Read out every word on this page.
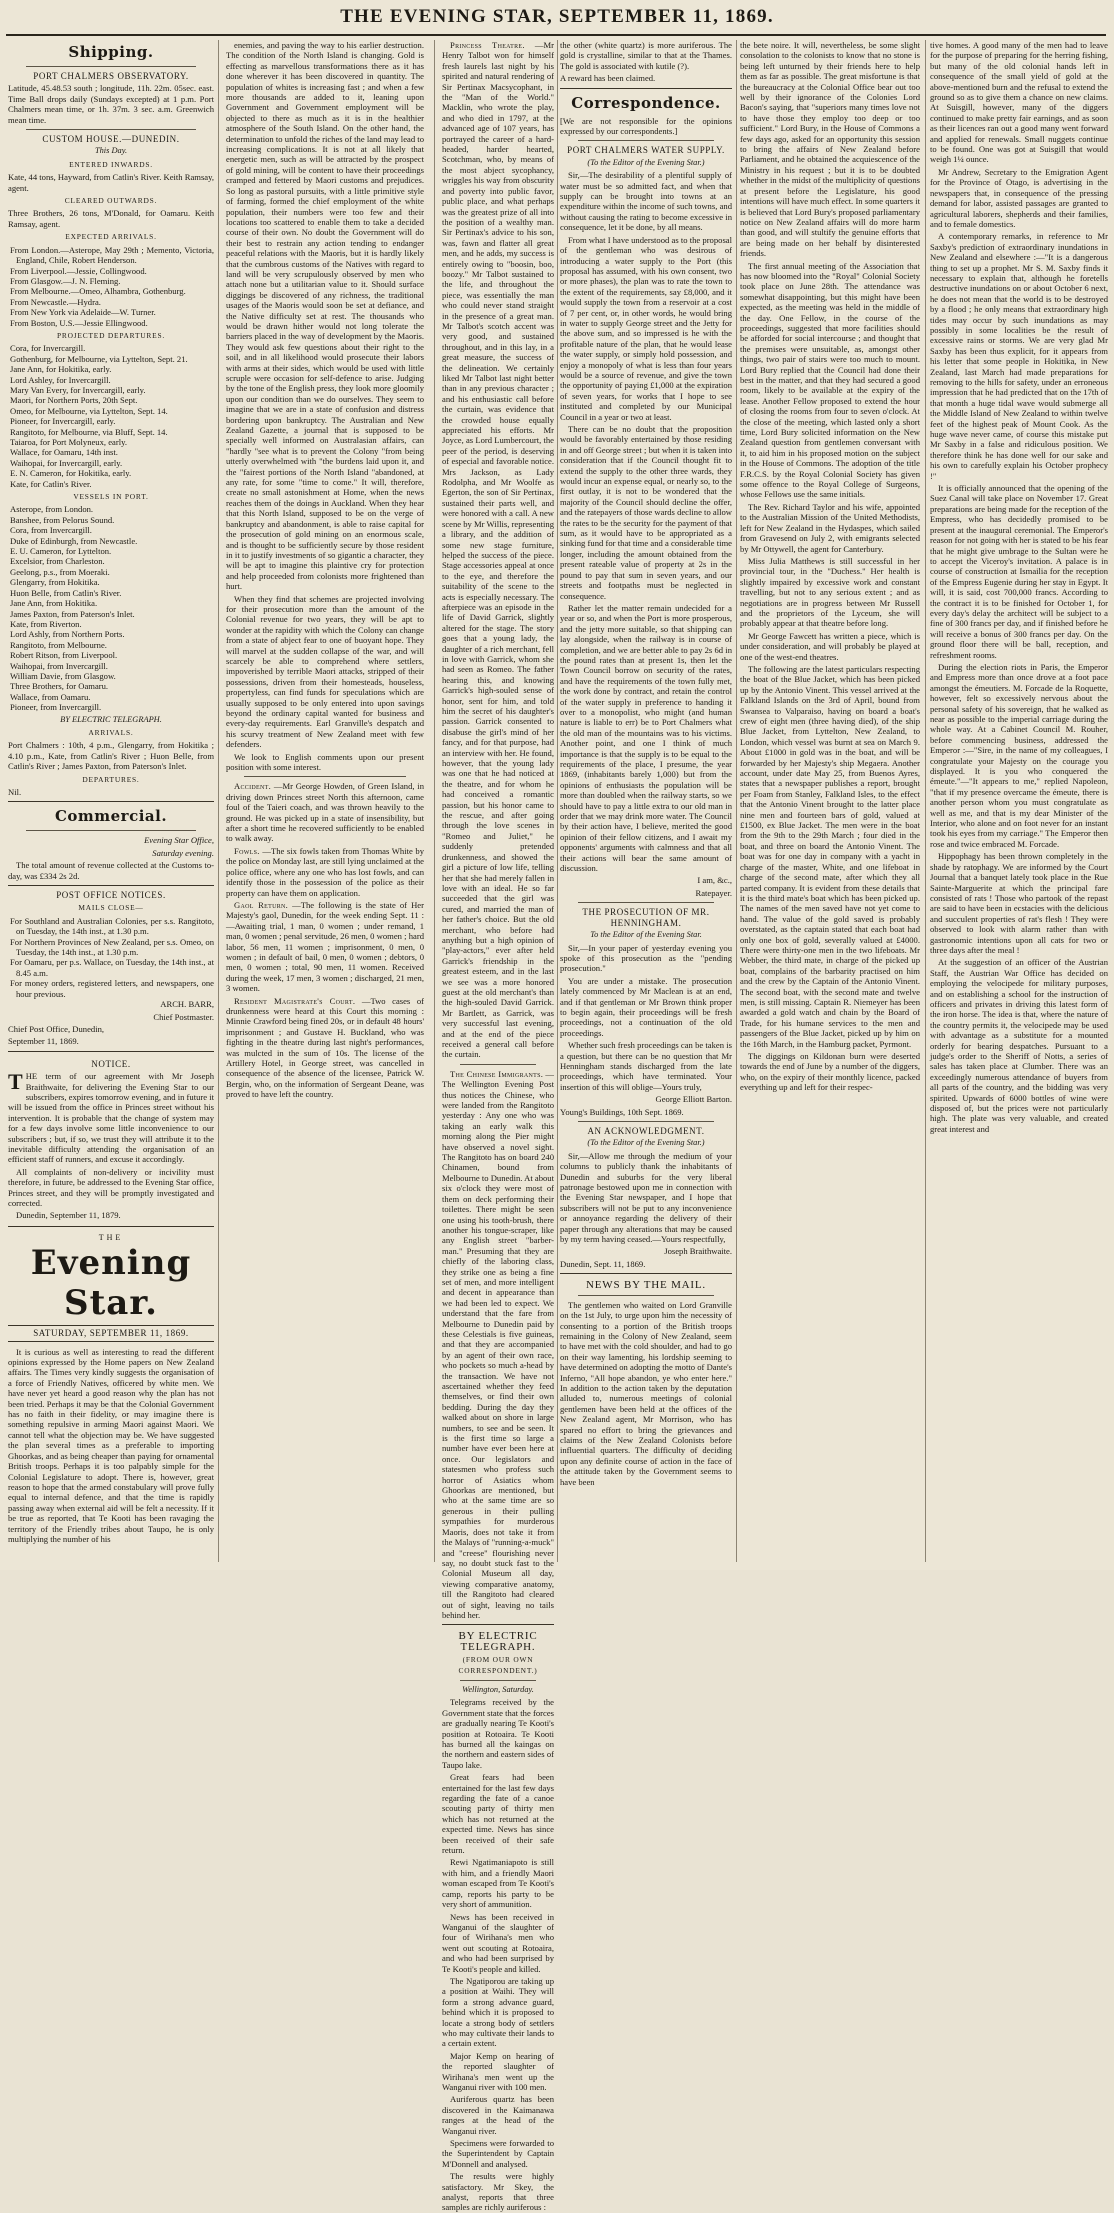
THE EVENING STAR, SEPTEMBER 11, 1869.
Shipping.
PORT CHALMERS OBSERVATORY.

Latitude, 45.48.53 south ; longitude, 11h. 22m. 05sec. east. Time Ball drops daily (Sundays excepted) at 1 p.m. Port Chalmers mean time, or 1h. 37m. 3 sec. a.m. Greenwich mean time.

CUSTOM HOUSE.—DUNEDIN.
This Day.
ENTERED INWARDS.

Kate, 44 tons, Hayward, from Catlin's River. Keith Ramsay, agent.

CLEARED OUTWARDS.

Three Brothers, 26 tons, M'Donald, for Oamaru. Keith Ramsay, agent.

EXPECTED ARRIVALS.
From London.—Asterope, May 29th ; Memento, Victoria, England, Chile, Robert Henderson.
From Liverpool.—Jessie, Collingwood.
From Glasgow.—J. N. Fleming.
From Melbourne.—Omeo, Alhambra, Gothenburg.
From Newcastle.—Hydra.
From New York via Adelaide—W. Turner.
From Boston, U.S.—Jessie Ellingwood.
PROJECTED DEPARTURES.
Cora, for Invercargill.
Gothenburg, for Melbourne, via Lyttelton, Sept. 21.
Jane Ann, for Hokitika, early.
Lord Ashley, for Invercargill.
Mary Van Every, for Invercargill, early.
Maori, for Northern Ports, 20th Sept.
Omeo, for Melbourne, via Lyttelton, Sept. 14.
Pioneer, for Invercargill, early.
Rangitoto, for Melbourne, via Bluff, Sept. 14.
Taiaroa, for Port Molyneux, early.
Wallace, for Oamaru, 14th inst.
Waihopai, for Invercargill, early.
E. N. Cameron, for Hokitika, early.
Kate, for Catlin's River.
VESSELS IN PORT.
Asterope, from London.
Banshee, from Pelorus Sound.
Cora, from Invercargill.
Duke of Edinburgh, from Newcastle.
E. U. Cameron, for Lyttelton.
Excelsior, from Charleston.
Geelong, p.s., from Moeraki.
Glengarry, from Hokitika.
Huon Belle, from Catlin's River.
Jane Ann, from Hokitika.
James Paxton, from Paterson's Inlet.
Kate, from Riverton.
Lord Ashly, from Northern Ports.
Rangitoto, from Melbourne.
Robert Ritson, from Liverpool.
Waihopai, from Invercargill.
William Davie, from Glasgow.
Three Brothers, for Oamaru.
Wallace, from Oamaru.
Pioneer, from Invercargill.
BY ELECTRIC TELEGRAPH.
ARRIVALS.

Port Chalmers : 10th, 4 p.m., Glengarry, from Hokitika ; 4.10 p.m., Kate, from Catlin's River ; Huon Belle, from Catlin's River ; James Paxton, from Paterson's Inlet.

DEPARTURES.

Nil.

Commercial.

Evening Star Office,

Saturday evening.

The total amount of revenue collected at the Customs to-day, was £334 2s 2d.

POST OFFICE NOTICES.
MAILS CLOSE—
For Southland and Australian Colonies, per s.s. Rangitoto, on Tuesday, the 14th inst., at 1.30 p.m.
For Northern Provinces of New Zealand, per s.s. Omeo, on Tuesday, the 14th inst., at 1.30 p.m.
For Oamaru, per p.s. Wallace, on Tuesday, the 14th inst., at 8.45 a.m.
For money orders, registered letters, and newspapers, one hour previous.

ARCH. BARR,

Chief Postmaster.

Chief Post Office, Dunedin,

September 11, 1869.

NOTICE.

THE term of our agreement with Mr Joseph Braithwaite, for delivering the Evening Star to our subscribers, expires tomorrow evening, and in future it will be issued from the office in Princes street without his intervention. It is probable that the change of system may for a few days involve some little inconvenience to our subscribers ; but, if so, we trust they will attribute it to the inevitable difficulty attending the organisation of an efficient staff of runners, and excuse it accordingly.

All complaints of non-delivery or incivility must therefore, in future, be addressed to the Evening Star office, Princes street, and they will be promptly investigated and corrected.

Dunedin, September 11, 1879.

THE
Evening Star.
SATURDAY, SEPTEMBER 11, 1869.

It is curious as well as interesting to read the different opinions expressed by the Home papers on New Zealand affairs. The Times very kindly suggests the organisation of a force of Friendly Natives, officered by white men. We have never yet heard a good reason why the plan has not been tried. Perhaps it may be that the Colonial Government has no faith in their fidelity, or may imagine there is something repulsive in arming Maori against Maori. We cannot tell what the objection may be. We have suggested the plan several times as a preferable to importing Ghoorkas, and as being cheaper than paying for ornamental British troops. Perhaps it is too palpably simple for the Colonial Legislature to adopt. There is, however, great reason to hope that the armed constabulary will prove fully equal to internal defence, and that the time is rapidly passing away when external aid will be felt a necessity. If it be true as reported, that Te Kooti has been ravaging the territory of the Friendly tribes about Taupo, he is only multiplying the number of his

enemies, and paving the way to his earlier destruction. The condition of the North Island is changing. Gold is effecting as marvellous transformations there as it has done wherever it has been discovered in quantity. The population of whites is increasing fast ; and when a few more thousands are added to it, leaning upon Government and Government employment will be objected to there as much as it is in the healthier atmosphere of the South Island. On the other hand, the determination to unfold the riches of the land may lead to increasing complications. It is not at all likely that energetic men, such as will be attracted by the prospect of gold mining, will be content to have their proceedings cramped and fettered by Maori customs and prejudices. So long as pastoral pursuits, with a little primitive style of farming, formed the chief employment of the white population, their numbers were too few and their locations too scattered to enable them to take a decided course of their own. No doubt the Government will do their best to restrain any action tending to endanger peaceful relations with the Maoris, but it is hardly likely that the cumbrous customs of the Natives with regard to land will be very scrupulously observed by men who attach none but a utilitarian value to it. Should surface diggings be discovered of any richness, the traditional usages of the Maoris would soon be set at defiance, and the Native difficulty set at rest. The thousands who would be drawn hither would not long tolerate the barriers placed in the way of development by the Maoris. They would ask few questions about their right to the soil, and in all likelihood would prosecute their labors with arms at their sides, which would be used with little scruple were occasion for self-defence to arise. Judging by the tone of the English press, they look more gloomily upon our condition than we do ourselves. They seem to imagine that we are in a state of confusion and distress bordering upon bankruptcy. The Australian and New Zealand Gazette, a journal that is supposed to be specially well informed on Australasian affairs, can "hardly "see what is to prevent the Colony "from being utterly overwhelmed with "the burdens laid upon it, and the "fairest portions of the North Island "abandoned, at any rate, for some "time to come." It will, therefore, create no small astonishment at Home, when the news reaches them of the doings in Auckland. When they hear that this North Island, supposed to be on the verge of bankruptcy and abandonment, is able to raise capital for the prosecution of gold mining on an enormous scale, and is thought to be sufficiently secure by those resident in it to justify investments of so gigantic a character, they will be apt to imagine this plaintive cry for protection and help proceeded from colonists more frightened than hurt.

When they find that schemes are projected involving for their prosecution more than the amount of the Colonial revenue for two years, they will be apt to wonder at the rapidity with which the Colony can change from a state of abject fear to one of buoyant hope. They will marvel at the sudden collapse of the war, and will scarcely be able to comprehend where settlers, impoverished by terrible Maori attacks, stripped of their possessions, driven from their homesteads, houseless, propertyless, can find funds for speculations which are usually supposed to be only entered into upon savings beyond the ordinary capital wanted for business and every-day requirements. Earl Granville's despatch and his scurvy treatment of New Zealand meet with few defenders.

We look to English comments upon our present position with some interest.

Accident. —Mr George Howden, of Green Island, in driving down Princes street North this afternoon, came foul of the Taieri coach, and was thrown heavily to the ground. He was picked up in a state of insensibility, but after a short time he recovered sufficiently to be enabled to walk away.

Fowls. —The six fowls taken from Thomas White by the police on Monday last, are still lying unclaimed at the police office, where any one who has lost fowls, and can identify those in the possession of the police as their property can have them on application.

Gaol Return. —The following is the state of Her Majesty's gaol, Dunedin, for the week ending Sept. 11 :—Awaiting trial, 1 man, 0 women ; under remand, 1 man, 0 women ; penal servitude, 26 men, 0 women ; hard labor, 56 men, 11 women ; imprisonment, 0 men, 0 women ; in default of bail, 0 men, 0 women ; debtors, 0 men, 0 women ; total, 90 men, 11 women. Received during the week, 17 men, 3 women ; discharged, 21 men, 3 women.

Resident Magistrate's Court. —Two cases of drunkenness were heard at this Court this morning : Minnie Crawford being fined 20s, or in default 48 hours' imprisonment ; and Gustave H. Buckland, who was fighting in the theatre during last night's performances, was mulcted in the sum of 10s. The license of the Artillery Hotel, in George street, was cancelled in consequence of the absence of the licensee, Patrick W. Bergin, who, on the information of Sergeant Deane, was proved to have left the country.

Princess Theatre. —Mr Henry Talbot won for himself fresh laurels last night by his spirited and natural rendering of Sir Pertinax Macsycophant, in the "Man of the World." Macklin, who wrote the play, and who died in 1797, at the advanced age of 107 years, has portrayed the career of a hard-headed, harder hearted, Scotchman, who, by means of the most abject sycophancy, wriggles his way from obscurity and poverty into public favor, public place, and what perhaps was the greatest prize of all into the position of a wealthy man. Sir Pertinax's advice to his son, was, fawn and flatter all great men, and he adds, my success is entirely owing to "boosin, boo, boozy." Mr Talbot sustained to the life, and throughout the piece, was essentially the man who could never stand straight in the presence of a great man. Mr Talbot's scotch accent was very good, and sustained throughout, and in this lay, in a great measure, the success of the delineation. We certainly liked Mr Talbot last night better than in any previous character ; and his enthusiastic call before the curtain, was evidence that the crowded house equally appreciated his efforts. Mr Joyce, as Lord Lumbercourt, the peer of the period, is deserving of especial and favorable notice. Mrs Jackson, as Lady Rodolpha, and Mr Woolfe as Egerton, the son of Sir Pertinax, sustained their parts well, and were honored with a call. A new scene by Mr Willis, representing a library, and the addition of some new stage furniture, helped the success of the piece. Stage accessories appeal at once to the eye, and therefore the suitability of the scene to the acts is especially necessary. The afterpiece was an episode in the life of David Garrick, slightly altered for the stage. The story goes that a young lady, the daughter of a rich merchant, fell in love with Garrick, whom she had seen as Romeo. The father hearing this, and knowing Garrick's high-souled sense of honor, sent for him, and told him the secret of his daughter's passion. Garrick consented to disabuse the girl's mind of her fancy, and for that purpose, had an interview with her. He found, however, that the young lady was one that he had noticed at the theatre, and for whom he had conceived a romantic passion, but his honor came to the rescue, and after going through the love scenes in "Romeo and Juliet," he suddenly pretended drunkenness, and showed the girl a picture of low life, telling her that she had merely fallen in love with an ideal. He so far succeeded that the girl was cured, and married the man of her father's choice. But the old merchant, who before had anything but a high opinion of "play-actors," ever after held Garrick's friendship in the greatest esteem, and in the last we see was a more honored guest at the old merchant's than the high-souled David Garrick. Mr Bartlett, as Garrick, was very successful last evening, and at the end of the piece received a general call before the curtain.

The Chinese Immigrants. —The Wellington Evening Post thus notices the Chinese, who were landed from the Rangitoto yesterday : Any one who was taking an early walk this morning along the Pier might have observed a novel sight. The Rangitoto has on board 240 Chinamen, bound from Melbourne to Dunedin. At about six o'clock they were most of them on deck performing their toilettes. There might be seen one using his tooth-brush, there another his tongue-scraper, like any English street "barber-man." Presuming that they are chiefly of the laboring class, they strike one as being a fine set of men, and more intelligent and decent in appearance than we had been led to expect. We understand that the fare from Melbourne to Dunedin paid by these Celestials is five guineas, and that they are accompanied by an agent of their own race, who pockets so much a-head by the transaction. We have not ascertained whether they feed themselves, or find their own bedding. During the day they walked about on shore in large numbers, to see and be seen. It is the first time so large a number have ever been here at once. Our legislators and statesmen who profess such horror of Asiatics whom Ghoorkas are mentioned, but who at the same time are so generous in their pulling sympathies for murderous Maoris, does not take it from the Malays of "running-a-muck" and "creese" flourishing never say, no doubt stuck fast to the Colonial Museum all day, viewing comparative anatomy, till the Rangitoto had cleared out of sight, leaving no tails behind her.

BY ELECTRIC TELEGRAPH.
(FROM OUR OWN CORRESPONDENT.)
Wellington, Saturday.

Telegrams received by the Government state that the forces are gradually nearing Te Kooti's position at Rotoaira. Te Kooti has burned all the kaingas on the northern and eastern sides of Taupo lake.

Great fears had been entertained for the last few days regarding the fate of a canoe scouting party of thirty men which has not returned at the expected time. News has since been received of their safe return.

Rewi Ngatimaniapoto is still with him, and a friendly Maori woman escaped from Te Kooti's camp, reports his party to be very short of ammunition.

News has been received in Wanganui of the slaughter of four of Wirihana's men who went out scouting at Rotoaira, and who had been surprised by Te Kooti's people and killed.

The Ngatiporou are taking up a position at Waihi. They will form a strong advance guard, behind which it is proposed to locate a strong body of settlers who may cultivate their lands to a certain extent.

Major Kemp on hearing of the reported slaughter of Wirihana's men went up the Wanganui river with 100 men.

Auriferous quartz has been discovered in the Kaimanawa ranges at the head of the Wanganui river.

Specimens were forwarded to the Superintendent by Captain M'Donnell and analysed.

The results were highly satisfactory. Mr Skey, the analyst, reports that three samples are richly auriferous :

the other (white quartz) is more auriferous. The gold is crystalline, similar to that at the Thames. The gold is associated with kutile (?).

A reward has been claimed.

Correspondence.

[We are not responsible for the opinions expressed by our correspondents.]

PORT CHALMERS WATER SUPPLY.
(To the Editor of the Evening Star.)

Sir,—The desirability of a plentiful supply of water must be so admitted fact, and when that supply can be brought into towns at an expenditure within the income of such towns, and without causing the rating to become excessive in consequence, let it be done, by all means.

From what I have understood as to the proposal of the gentleman who was desirous of introducing a water supply to the Port (this proposal has assumed, with his own consent, two or more phases), the plan was to rate the town to the extent of the requirements, say £8,000, and it would supply the town from a reservoir at a cost of 7 per cent, or, in other words, he would bring in water to supply George street and the Jetty for the above sum, and so impressed is he with the profitable nature of the plan, that he would lease the water supply, or simply hold possession, and enjoy a monopoly of what is less than four years would be a source of revenue, and give the town the opportunity of paying £1,000 at the expiration of seven years, for works that I hope to see instituted and completed by our Municipal Council in a year or two at least.

There can be no doubt that the proposition would be favorably entertained by those residing in and off George street ; but when it is taken into consideration that if the Council thought fit to extend the supply to the other three wards, they would incur an expense equal, or nearly so, to the first outlay, it is not to be wondered that the majority of the Council should decline the offer, and the ratepayers of those wards decline to allow the rates to be the security for the payment of that sum, as it would have to be appropriated as a sinking fund for that time and a considerable time longer, including the amount obtained from the present rateable value of property at 2s in the pound to pay that sum in seven years, and our streets and footpaths must be neglected in consequence.

Rather let the matter remain undecided for a year or so, and when the Port is more prosperous, and the jetty more suitable, so that shipping can lay alongside, when the railway is in course of completion, and we are better able to pay 2s 6d in the pound rates than at present 1s, then let the Town Council borrow on security of the rates, and have the requirements of the town fully met, the work done by contract, and retain the control of the water supply in preference to handing it over to a monopolist, who might (and human nature is liable to err) be to Port Chalmers what the old man of the mountains was to his victims. Another point, and one I think of much importance is that the supply is to be equal to the requirements of the place, I presume, the year 1869, (inhabitants barely 1,000) but from the opinions of enthusiasts the population will be more than doubled when the railway starts, so we should have to pay a little extra to our old man in order that we may drink more water. The Council by their action have, I believe, merited the good opinion of their fellow citizens, and I await my opponents' arguments with calmness and that all their actions will bear the same amount of discussion.

I am, &c.,

Ratepayer.

THE PROSECUTION OF MR. HENNINGHAM.
To the Editor of the Evening Star.

Sir,—In your paper of yesterday evening you spoke of this prosecution as the "pending prosecution."

You are under a mistake. The prosecution lately commenced by Mr Maclean is at an end, and if that gentleman or Mr Brown think proper to begin again, their proceedings will be fresh proceedings, not a continuation of the old proceedings.

Whether such fresh proceedings can be taken is a question, but there can be no question that Mr Henningham stands discharged from the late proceedings, which have terminated. Your insertion of this will oblige—Yours truly,

George Elliott Barton.

Young's Buildings, 10th Sept. 1869.

AN ACKNOWLEDGMENT.
(To the Editor of the Evening Star.)

Sir,—Allow me through the medium of your columns to publicly thank the inhabitants of Dunedin and suburbs for the very liberal patronage bestowed upon me in connection with the Evening Star newspaper, and I hope that subscribers will not be put to any inconvenience or annoyance regarding the delivery of their paper through any alterations that may be caused by my term having ceased.—Yours respectfully,

Joseph Braithwaite.

Dunedin, Sept. 11, 1869.

NEWS BY THE MAIL.

The gentlemen who waited on Lord Granville on the 1st July, to urge upon him the necessity of consenting to a portion of the British troops remaining in the Colony of New Zealand, seem to have met with the cold shoulder, and had to go on their way lamenting, his lordship seeming to have determined on adopting the motto of Dante's Inferno, "All hope abandon, ye who enter here." In addition to the action taken by the deputation alluded to, numerous meetings of colonial gentlemen have been held at the offices of the New Zealand agent, Mr Morrison, who has spared no effort to bring the grievances and claims of the New Zealand Colonists before influential quarters. The difficulty of deciding upon any definite course of action in the face of the attitude taken by the Government seems to have been

the bete noire. It will, nevertheless, be some slight consolation to the colonists to know that no stone is being left unturned by their friends here to help them as far as possible. The great misfortune is that the bureaucracy at the Colonial Office bear out too well by their ignorance of the Colonies Lord Bacon's saying, that "superiors many times love not to have those they employ too deep or too sufficient." Lord Bury, in the House of Commons a few days ago, asked for an opportunity this session to bring the affairs of New Zealand before Parliament, and he obtained the acquiescence of the Ministry in his request ; but it is to be doubted whether in the midst of the multiplicity of questions at present before the Legislature, his good intentions will have much effect. In some quarters it is believed that Lord Bury's proposed parliamentary notice on New Zealand affairs will do more harm than good, and will stultify the genuine efforts that are being made on her behalf by disinterested friends.

The first annual meeting of the Association that has now bloomed into the "Royal" Colonial Society took place on June 28th. The attendance was somewhat disappointing, but this might have been expected, as the meeting was held in the middle of the day. One Fellow, in the course of the proceedings, suggested that more facilities should be afforded for social intercourse ; and thought that the premises were unsuitable, as, amongst other things, two pair of stairs were too much to mount. Lord Bury replied that the Council had done their best in the matter, and that they had secured a good room, likely to be available at the expiry of the lease. Another Fellow proposed to extend the hour of closing the rooms from four to seven o'clock. At the close of the meeting, which lasted only a short time, Lord Bury solicited information on the New Zealand question from gentlemen conversant with it, to aid him in his proposed motion on the subject in the House of Commons. The adoption of the title F.R.C.S. by the Royal Colonial Society has given some offence to the Royal College of Surgeons, whose Fellows use the same initials.

The Rev. Richard Taylor and his wife, appointed to the Australian Mission of the United Methodists, left for New Zealand in the Hydaspes, which sailed from Gravesend on July 2, with emigrants selected by Mr Ottywell, the agent for Canterbury.

Miss Julia Matthews is still successful in her provincial tour, in the "Duchess." Her health is slightly impaired by excessive work and constant travelling, but not to any serious extent ; and as negotiations are in progress between Mr Russell and the proprietors of the Lyceum, she will probably appear at that theatre before long.

Mr George Fawcett has written a piece, which is under consideration, and will probably be played at one of the west-end theatres.

The following are the latest particulars respecting the boat of the Blue Jacket, which has been picked up by the Antonio Vinent. This vessel arrived at the Falkland Islands on the 3rd of April, bound from Swansea to Valparaiso, having on board a boat's crew of eight men (three having died), of the ship Blue Jacket, from Lyttelton, New Zealand, to London, which vessel was burnt at sea on March 9. About £1000 in gold was in the boat, and will be forwarded by her Majesty's ship Megaera. Another account, under date May 25, from Buenos Ayres, states that a newspaper publishes a report, brought per Foam from Stanley, Falkland Isles, to the effect that the Antonio Vinent brought to the latter place nine men and fourteen bars of gold, valued at £1500, ex Blue Jacket. The men were in the boat from the 9th to the 29th March ; four died in the boat, and three on board the Antonio Vinent. The boat was for one day in company with a yacht in charge of the master, White, and one lifeboat in charge of the second mate, after which they all parted company. It is evident from these details that it is the third mate's boat which has been picked up. The names of the men saved have not yet come to hand. The value of the gold saved is probably overstated, as the captain stated that each boat had only one box of gold, severally valued at £4000. There were thirty-one men in the two lifeboats. Mr Webber, the third mate, in charge of the picked up boat, complains of the barbarity practised on him and the crew by the Captain of the Antonio Vinent. The second boat, with the second mate and twelve men, is still missing. Captain R. Niemeyer has been awarded a gold watch and chain by the Board of Trade, for his humane services to the men and passengers of the Blue Jacket, picked up by him on the 16th March, in the Hamburg packet, Pyrmont.

The diggings on Kildonan burn were deserted towards the end of June by a number of the diggers, who, on the expiry of their monthly licence, packed everything up and left for their respec-

tive homes. A good many of the men had to leave for the purpose of preparing for the herring fishing, but many of the old colonial hands left in consequence of the small yield of gold at the above-mentioned burn and the refusal to extend the ground so as to give them a chance on new claims. At Suisgill, however, many of the diggers continued to make pretty fair earnings, and as soon as their licences ran out a good many went forward and applied for renewals. Small nuggets continue to be found. One was got at Suisgill that would weigh 1¼ ounce.

Mr Andrew, Secretary to the Emigration Agent for the Province of Otago, is advertising in the newspapers that, in consequence of the pressing demand for labor, assisted passages are granted to agricultural laborers, shepherds and their families, and to female domestics.

A contemporary remarks, in reference to Mr Saxby's prediction of extraordinary inundations in New Zealand and elsewhere :—"It is a dangerous thing to set up a prophet. Mr S. M. Saxby finds it necessary to explain that, although he foretells destructive inundations on or about October 6 next, he does not mean that the world is to be destroyed by a flood ; he only means that extraordinary high tides may occur by such inundations as may possibly in some localities be the result of excessive rains or storms. We are very glad Mr Saxby has been thus explicit, for it appears from his letter that some people in Hokitika, in New Zealand, last March had made preparations for removing to the hills for safety, under an erroneous impression that he had predicted that on the 17th of that month a huge tidal wave would submerge all the Middle Island of New Zealand to within twelve feet of the highest peak of Mount Cook. As the huge wave never came, of course this mistake put Mr Saxby in a false and ridiculous position. We therefore think he has done well for our sake and his own to carefully explain his October prophecy !"

It is officially announced that the opening of the Suez Canal will take place on November 17. Great preparations are being made for the reception of the Empress, who has decidedly promised to be present at the inaugural ceremonial. The Emperor's reason for not going with her is stated to be his fear that he might give umbrage to the Sultan were he to accept the Viceroy's invitation. A palace is in course of construction at Ismailia for the reception of the Empress Eugenie during her stay in Egypt. It will, it is said, cost 700,000 francs. According to the contract it is to be finished for October 1, for every day's delay the architect will be subject to a fine of 300 francs per day, and if finished before he will receive a bonus of 300 francs per day. On the ground floor there will be ball, reception, and refreshment rooms.

During the election riots in Paris, the Emperor and Empress more than once drove at a foot pace amongst the émeutiers. M. Forcade de la Roquette, however, felt so excessively nervous about the personal safety of his sovereign, that he walked as near as possible to the imperial carriage during the whole way. At a Cabinet Council M. Rouher, before commencing business, addressed the Emperor :—"Sire, in the name of my colleagues, I congratulate your Majesty on the courage you displayed. It is you who conquered the émeute."—"It appears to me," replied Napoleon, "that if my presence overcame the émeute, there is another person whom you must congratulate as well as me, and that is my dear Minister of the Interior, who alone and on foot never for an instant took his eyes from my carriage." The Emperor then rose and twice embraced M. Forcade.

Hippophagy has been thrown completely in the shade by ratophagy. We are informed by the Court Journal that a banquet lately took place in the Rue Sainte-Marguerite at which the principal fare consisted of rats ! Those who partook of the repast are said to have been in ecstacies with the delicious and succulent properties of rat's flesh ! They were observed to look with alarm rather than with gastronomic intentions upon all cats for two or three days after the meal !

At the suggestion of an officer of the Austrian Staff, the Austrian War Office has decided on employing the velocipede for military purposes, and on establishing a school for the instruction of officers and privates in driving this latest form of the iron horse. The idea is that, where the nature of the country permits it, the velocipede may be used with advantage as a substitute for a mounted orderly for bearing despatches. Pursuant to a judge's order to the Sheriff of Notts, a series of sales has taken place at Clumber. There was an exceedingly numerous attendance of buyers from all parts of the country, and the bidding was very spirited. Upwards of 6000 bottles of wine were disposed of, but the prices were not particularly high. The plate was very valuable, and created great interest and
